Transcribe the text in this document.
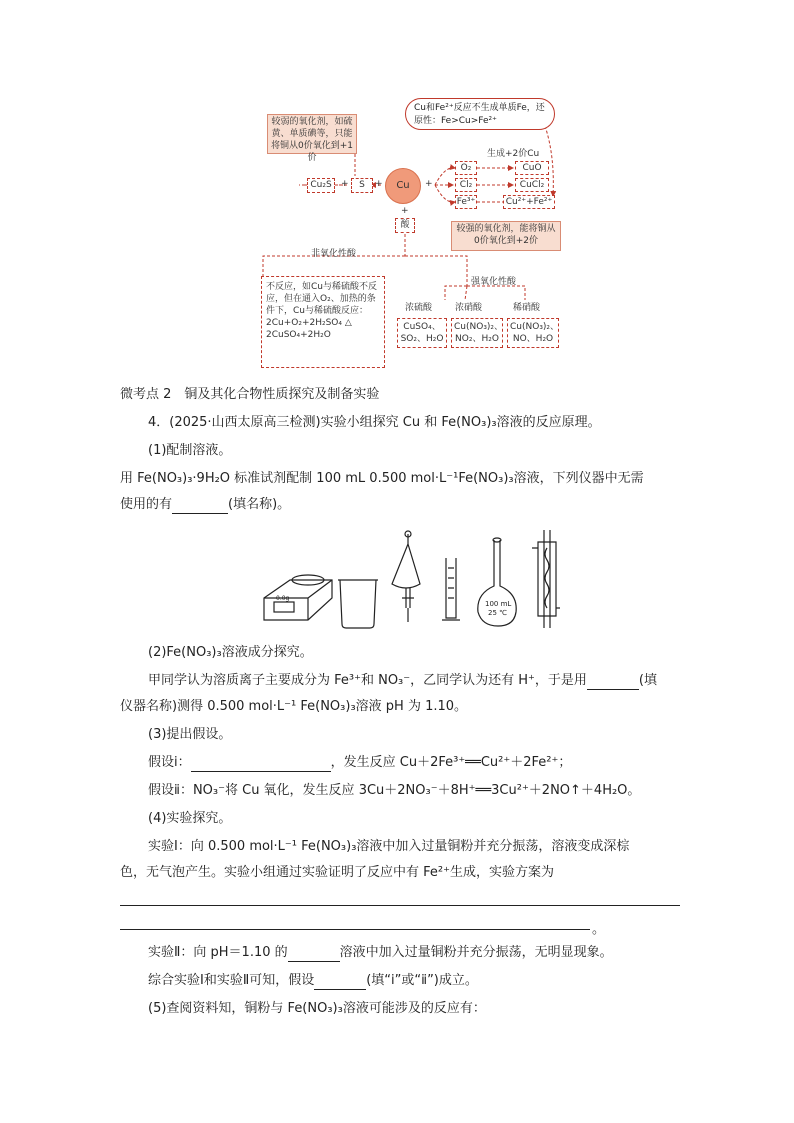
Cu和Fe²⁺反应不生成单质Fe，还原性：Fe>Cu>Fe²⁺
较弱的氧化剂，如硫黄、单质碘等，只能将铜从0价氧化到+1价
Cu₂S	+	S	+	Cu	+
生成+2价Cu
O₂
Cl₂
Fe³⁺
CuO
CuCl₂
Cu²⁺+Fe²⁺
+
酸	较强的氧化剂，能将铜从0价氧化到+2价
非氧化性酸
强氧化性酸
不反应，如Cu与稀硫酸不反应，但在通入O₂、加热的条件下，Cu与稀硫酸反应：
2Cu+O₂+2H₂SO₄ △
2CuSO₄+2H₂O
浓硫酸	浓硝酸	稀硝酸
CuSO₄、SO₂、H₂O
Cu(NO₃)₂、NO₂、H₂O
Cu(NO₃)₂、NO、H₂O
微考点 2　铜及其化合物性质探究及制备实验
4．(2025·山西太原高三检测)实验小组探究 Cu 和 Fe(NO₃)₃溶液的反应原理。
(1)配制溶液。
用 Fe(NO₃)₃·9H₂O 标准试剂配制 100 mL 0.500 mol·L⁻¹Fe(NO₃)₃溶液，下列仪器中无需
使用的有	(填名称)。
0.0g
100 mL
25 ℃
(2)Fe(NO₃)₃溶液成分探究。
甲同学认为溶质离子主要成分为 Fe³⁺和 NO₃⁻，乙同学认为还有 H⁺，于是用	(填
仪器名称)测得 0.500 mol·L⁻¹ Fe(NO₃)₃溶液 pH 为 1.10。
(3)提出假设。
假设ⅰ：	，发生反应 Cu＋2Fe³⁺══Cu²⁺＋2Fe²⁺；
假设ⅱ：NO₃⁻将 Cu 氧化，发生反应 3Cu＋2NO₃⁻＋8H⁺══3Cu²⁺＋2NO↑＋4H₂O。
(4)实验探究。
实验Ⅰ：向 0.500 mol·L⁻¹ Fe(NO₃)₃溶液中加入过量铜粉并充分振荡，溶液变成深棕
色，无气泡产生。实验小组通过实验证明了反应中有 Fe²⁺生成，实验方案为
。
实验Ⅱ：向 pH＝1.10 的	溶液中加入过量铜粉并充分振荡，无明显现象。
综合实验Ⅰ和实验Ⅱ可知，假设	(填“ⅰ”或“ⅱ”)成立。
(5)查阅资料知，铜粉与 Fe(NO₃)₃溶液可能涉及的反应有：
